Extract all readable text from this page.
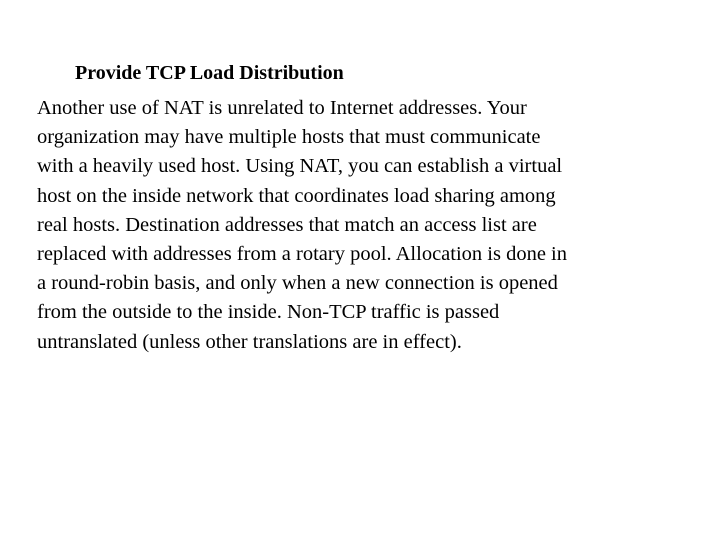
Provide TCP Load Distribution
Another use of NAT is unrelated to Internet addresses. Your
organization may have multiple hosts that must communicate
with a heavily used host. Using NAT, you can establish a virtual
host on the inside network that coordinates load sharing among
real hosts. Destination addresses that match an access list are
replaced with addresses from a rotary pool. Allocation is done in
a round-robin basis, and only when a new connection is opened
from the outside to the inside. Non-TCP traffic is passed
untranslated (unless other translations are in effect).
